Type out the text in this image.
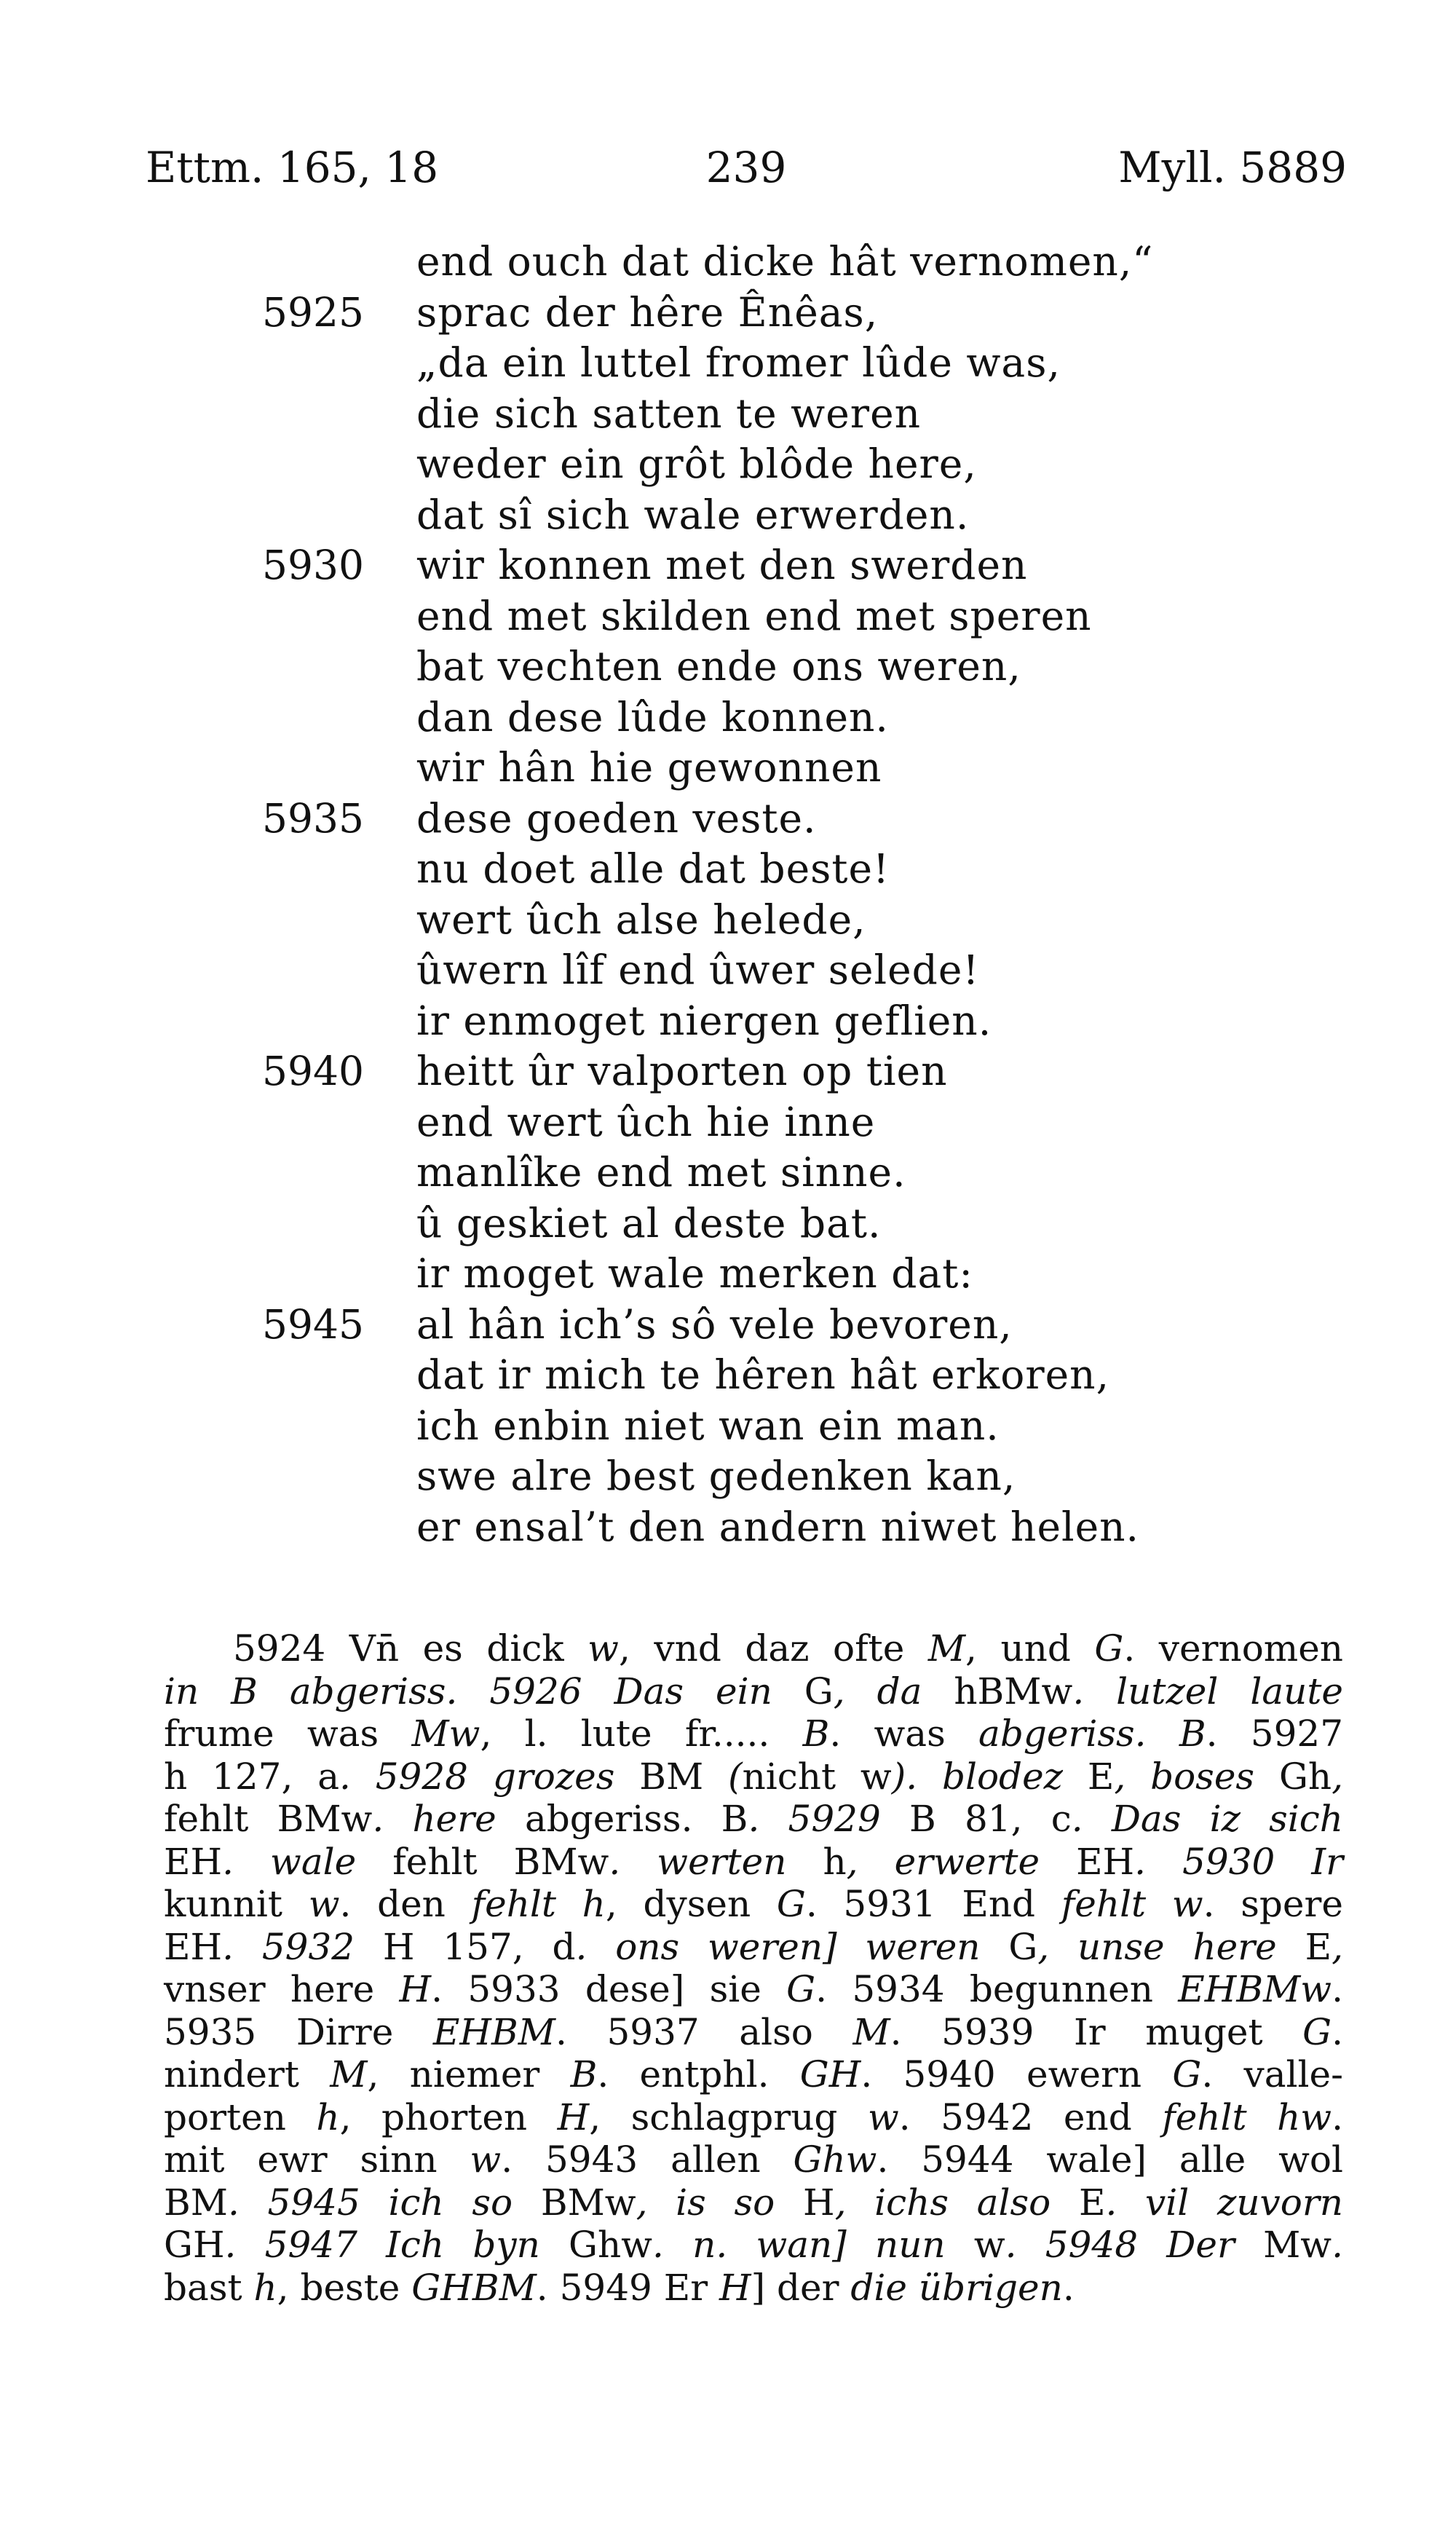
Ettm. 165, 18	239	Myll. 5889
end ouch dat dicke hât vernomen,“
5925	sprac der hêre Ênêas,
„da ein luttel fromer lûde was,
die sich satten te weren
weder ein grôt blôde here,
dat sî sich wale erwerden.
5930	wir konnen met den swerden
end met skilden end met speren
bat vechten ende ons weren,
dan dese lûde konnen.
wir hân hie gewonnen
5935	dese goeden veste.
nu doet alle dat beste!
wert ûch alse helede,
ûwern lîf end ûwer selede!
ir enmoget niergen geflien.
5940	heitt ûr valporten op tien
end wert ûch hie inne
manlîke end met sinne.
û geskiet al deste bat.
ir moget wale merken dat:
5945	al hân ich’s sô vele bevoren,
dat ir mich te hêren hât erkoren,
ich enbin niet wan ein man.
swe alre best gedenken kan,
er ensal’t den andern niwet helen.
5924 Vn̄ es dick w, vnd daz ofte M, und G. vernomen
in B abgeriss. 5926 Das ein G, da hBMw. lutzel laute
frume was Mw, l. lute fr..... B. was abgeriss. B. 5927
h 127, a. 5928 grozes BM (nicht w). blodez E, boses Gh,
fehlt BMw. here abgeriss. B. 5929 B 81, c. Das iz sich
EH. wale fehlt BMw. werten h, erwerte EH. 5930 Ir
kunnit w. den fehlt h, dysen G. 5931 End fehlt w. spere
EH. 5932 H 157, d. ons weren] weren G, unse here E,
vnser here H. 5933 dese] sie G. 5934 begunnen EHBMw.
5935 Dirre EHBM. 5937 also M. 5939 Ir muget G.
nindert M, niemer B. entphl. GH. 5940 ewern G. valle-
porten h, phorten H, schlagprug w. 5942 end fehlt hw.
mit ewr sinn w. 5943 allen Ghw. 5944 wale] alle wol
BM. 5945 ich so BMw, is so H, ichs also E. vil zuvorn
GH. 5947 Ich byn Ghw. n. wan] nun w. 5948 Der Mw.
bast h, beste GHBM. 5949 Er H] der die übrigen.
